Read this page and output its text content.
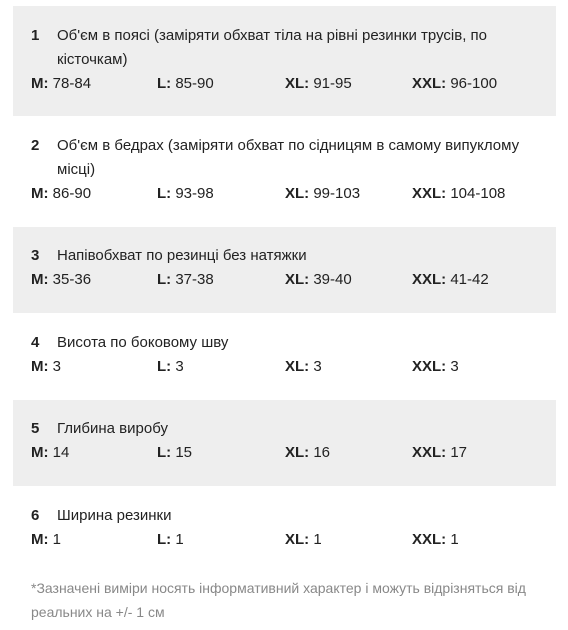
1	Об'єм в поясі (заміряти обхват тіла на рівні резинки трусів, по кісточкам)
M: 78-84	L: 85-90	XL: 91-95	XXL: 96-100
2	Об'єм в бедрах (заміряти обхват по сідницям в самому випуклому місці)
M: 86-90	L: 93-98	XL: 99-103	XXL: 104-108
3	Напівобхват по резинці без натяжки
M: 35-36	L: 37-38	XL: 39-40	XXL: 41-42
4	Висота по боковому шву
M: 3	L: 3	XL: 3	XXL: 3
5	Глибина виробу
M: 14	L: 15	XL: 16	XXL: 17
6	Ширина резинки
M: 1	L: 1	XL: 1	XXL: 1
*Зазначені виміри носять інформативний характер і можуть відрізняться від реальних на +/- 1 см
